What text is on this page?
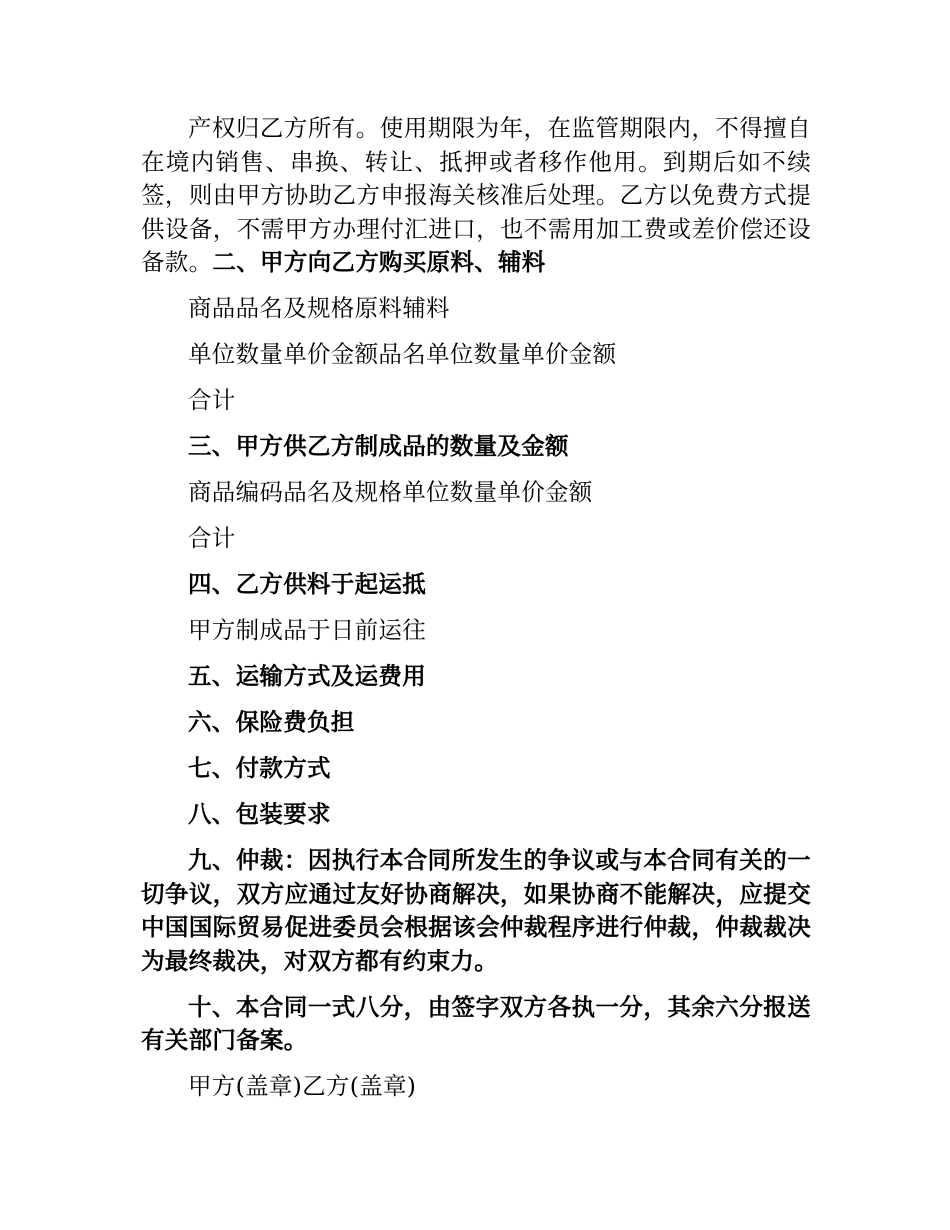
产权归乙方所有。使用期限为年，在监管期限内，不得擅自在境内销售、串换、转让、抵押或者移作他用。到期后如不续签，则由甲方协助乙方申报海关核准后处理。乙方以免费方式提供设备，不需甲方办理付汇进口，也不需用加工费或差价偿还设备款。二、甲方向乙方购买原料、辅料

商品品名及规格原料辅料

单位数量单价金额品名单位数量单价金额

合计

三、甲方供乙方制成品的数量及金额

商品编码品名及规格单位数量单价金额

合计

四、乙方供料于起运抵

甲方制成品于日前运往

五、运输方式及运费用

六、保险费负担

七、付款方式

八、包装要求

九、仲裁：因执行本合同所发生的争议或与本合同有关的一切争议，双方应通过友好协商解决，如果协商不能解决，应提交中国国际贸易促进委员会根据该会仲裁程序进行仲裁，仲裁裁决为最终裁决，对双方都有约束力。

十、本合同一式八分，由签字双方各执一分，其余六分报送有关部门备案。

甲方(盖章)乙方(盖章)
